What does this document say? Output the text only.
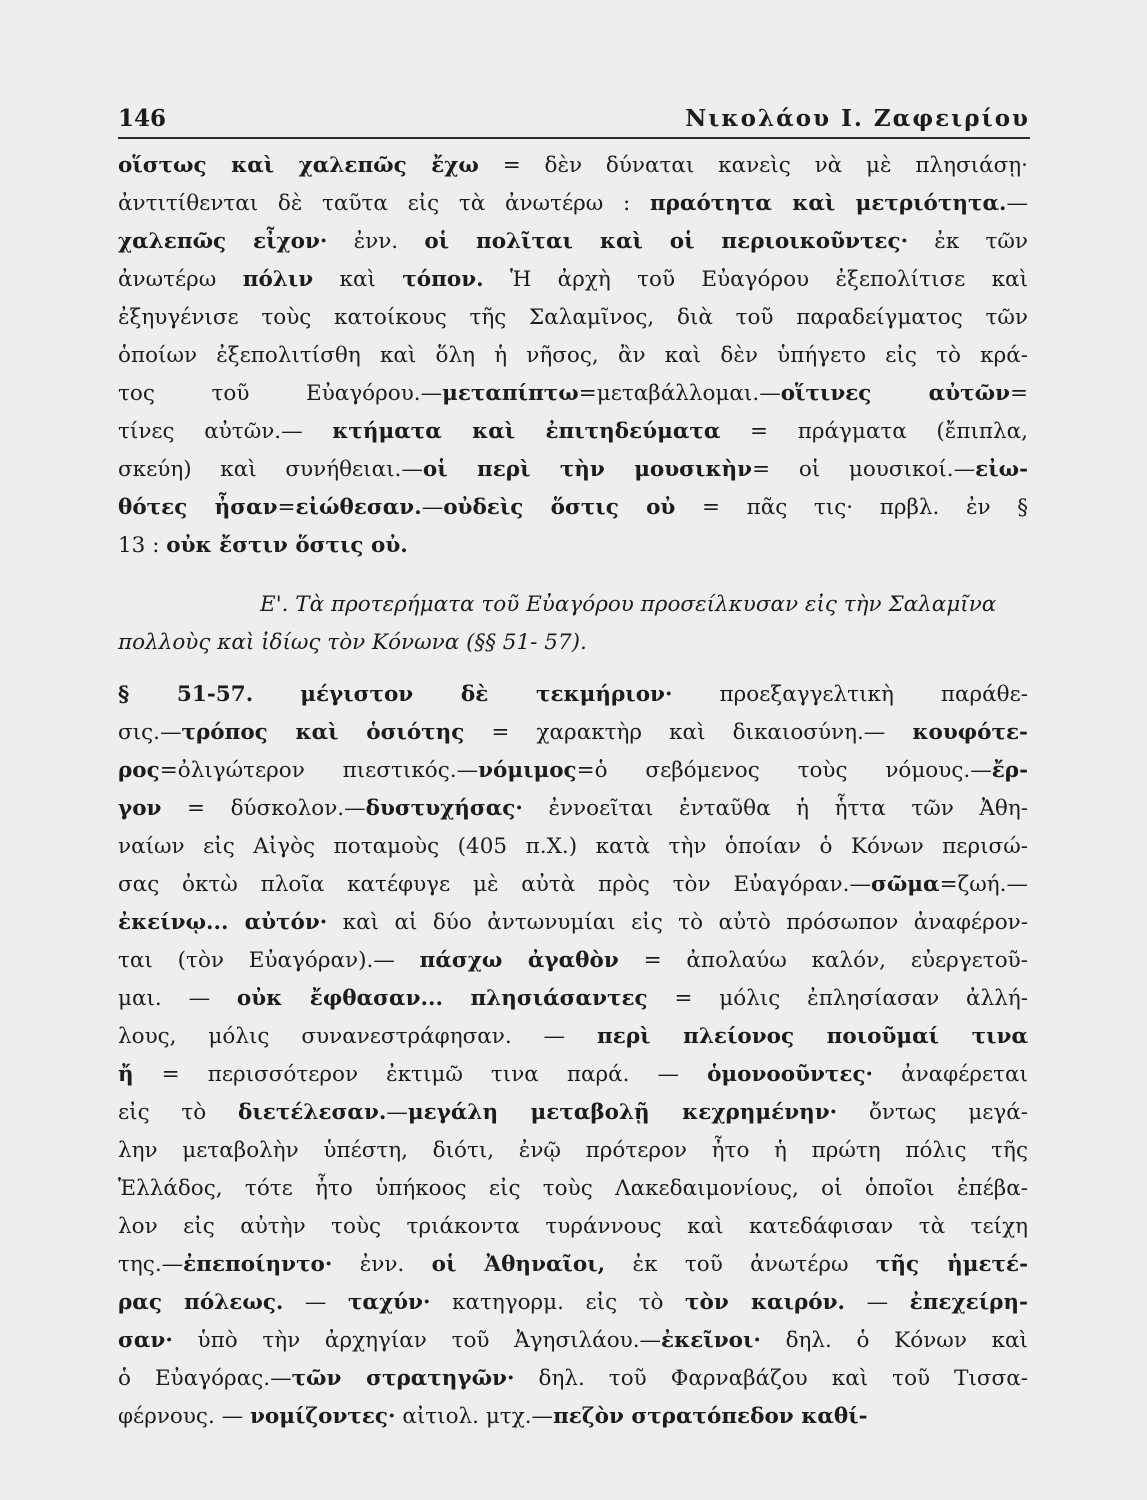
146	Νικολάου Ι. Ζαφειρίου
οἵστως καὶ χαλεπῶς ἔχω = δὲν δύναται κανεὶς νὰ μὲ πλησιάσῃ·
ἀντιτίθενται δὲ ταῦτα εἰς τὰ ἀνωτέρω : πραότητα καὶ μετριότητα.—
χαλεπῶς εἶχον· ἐνν. οἱ πολῖται καὶ οἱ περιοικοῦντες· ἐκ τῶν
ἀνωτέρω πόλιν καὶ τόπον. Ἡ ἀρχὴ τοῦ Εὐαγόρου ἐξεπολίτισε καὶ
ἐξηυγένισε τοὺς κατοίκους τῆς Σαλαμῖνος, διὰ τοῦ παραδείγματος τῶν
ὁποίων ἐξεπολιτίσθη καὶ ὅλη ἡ νῆσος, ἂν καὶ δὲν ὑπήγετο εἰς τὸ κρά-
τος τοῦ Εὐαγόρου.—μεταπίπτω=μεταβάλλομαι.—οἵτινες αὐτῶν=
τίνες αὐτῶν.— κτήματα καὶ ἐπιτηδεύματα = πράγματα (ἔπιπλα,
σκεύη) καὶ συνήθειαι.—οἱ περὶ τὴν μουσικὴν= οἱ μουσικοί.—εἰω-
θότες ἦσαν=εἰώθεσαν.—οὐδεὶς ὅστις οὐ = πᾶς τις· πρβλ. ἐν §
13 : οὐκ ἔστιν ὅστις οὐ.
Ε'. Τὰ προτερήματα τοῦ Εὐαγόρου προσείλκυσαν εἰς τὴν Σαλαμῖνα
πολλοὺς καὶ ἰδίως τὸν Κόνωνα (§§ 51- 57).
§ 51-57. μέγιστον δὲ τεκμήριον· προεξαγγελτικὴ παράθε-
σις.—τρόπος καὶ ὁσιότης = χαρακτὴρ καὶ δικαιοσύνη.— κουφότε-
ρος=ὀλιγώτερον πιεστικός.—νόμιμος=ὁ σεβόμενος τοὺς νόμους.—ἔρ-
γον = δύσκολον.—δυστυχήσας· ἐννοεῖται ἐνταῦθα ἡ ἧττα τῶν Ἀθη-
ναίων εἰς Αἰγὸς ποταμοὺς (405 π.Χ.) κατὰ τὴν ὁποίαν ὁ Κόνων περισώ-
σας ὀκτὼ πλοῖα κατέφυγε μὲ αὐτὰ πρὸς τὸν Εὐαγόραν.—σῶμα=ζωή.—
ἐκείνῳ... αὐτόν· καὶ αἱ δύο ἀντωνυμίαι εἰς τὸ αὐτὸ πρόσωπον ἀναφέρον-
ται (τὸν Εὐαγόραν).— πάσχω ἀγαθὸν = ἀπολαύω καλόν, εὐεργετοῦ-
μαι. — οὐκ ἔφθασαν... πλησιάσαντες = μόλις ἐπλησίασαν ἀλλή-
λους, μόλις συνανεστράφησαν. — περὶ πλείονος ποιοῦμαί τινα
ἤ = περισσότερον ἐκτιμῶ τινα παρά. — ὁμονοοῦντες· ἀναφέρεται
εἰς τὸ διετέλεσαν.—μεγάλη μεταβολῇ κεχρημένην· ὄντως μεγά-
λην μεταβολὴν ὑπέστη, διότι, ἐνῷ πρότερον ἦτο ἡ πρώτη πόλις τῆς
Ἑλλάδος, τότε ἦτο ὑπήκοος εἰς τοὺς Λακεδαιμονίους, οἱ ὁποῖοι ἐπέβα-
λον εἰς αὐτὴν τοὺς τριάκοντα τυράννους καὶ κατεδάφισαν τὰ τείχη
της.—ἐπεποίηντο· ἐνν. οἱ Ἀθηναῖοι, ἐκ τοῦ ἀνωτέρω τῆς ἡμετέ-
ρας πόλεως. — ταχύν· κατηγορμ. εἰς τὸ τὸν καιρόν. — ἐπεχείρη-
σαν· ὑπὸ τὴν ἀρχηγίαν τοῦ Ἀγησιλάου.—ἐκεῖνοι· δηλ. ὁ Κόνων καὶ
ὁ Εὐαγόρας.—τῶν στρατηγῶν· δηλ. τοῦ Φαρναβάζου καὶ τοῦ Τισσα-
φέρνους. — νομίζοντες· αἰτιολ. μτχ.—πεζὸν στρατόπεδον καθί-
